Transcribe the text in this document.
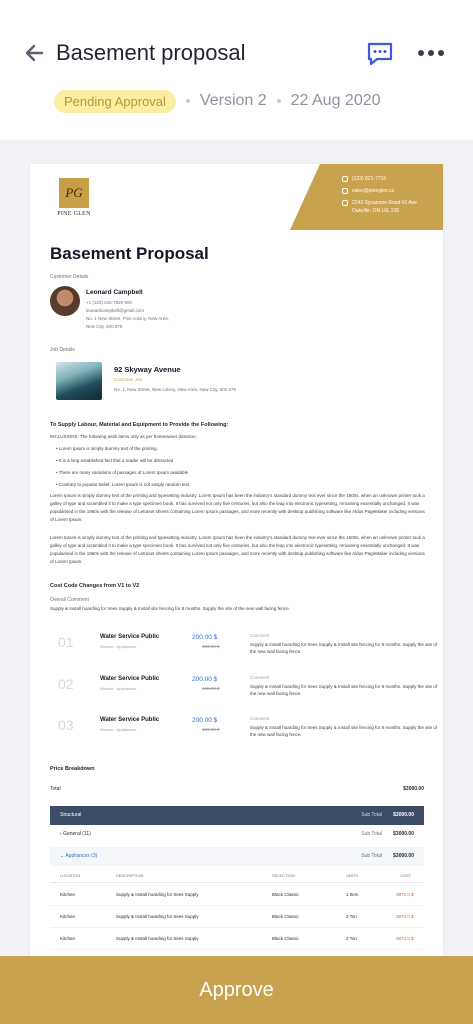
Basement proposal
Pending Approval	Version 2 22 Aug 2020
PG
PINE GLEN
(123) 821-7715
sales@pineglen.co
2243 Sycamore Road #1 Ave
Oakville, ON L6L 2J6
Basement Proposal
Customer Details
Leonard Campbell
+1 (123) 045-7820 906
leonardcampbell@gmail.com
No. 1 New Street, Pine colony, New Area,
New City, 600 879
Job Details
92 Skyway Avenue
Customer Job
No. 1, New Street, New colony, New Area, New City, 600 879
To Supply Labour, Material and Equipment to Provide the Following:
INCLUSIONS: The following work items only as per homeowner direction;
• Lorem Ipsum is simply dummy text of the printing.
• It is a long established fact that a reader will be distracted
• There are many variations of passages of Lorem Ipsum available
• Contrary to popular belief, Lorem Ipsum is not simply random text.
Lorem Ipsum is simply dummy text of the printing and typesetting industry. Lorem Ipsum has been the industry's standard dummy text ever since the 1500s, when an unknown printer took a galley of type and scrambled it to make a type specimen book. It has survived not only five centuries, but also the leap into electronic typesetting, remaining essentially unchanged. It was popularised in the 1960s with the release of Letraset sheets containing Lorem Ipsum passages, and more recently with desktop publishing software like Aldus PageMaker including versions of Lorem Ipsum.
Lorem Ipsum is simply dummy text of the printing and typesetting industry. Lorem Ipsum has been the industry's standard dummy text ever since the 1500s, when an unknown printer took a galley of type and scrambled it to make a type specimen book. It has survived not only five centuries, but also the leap into electronic typesetting, remaining essentially unchanged. It was popularised in the 1960s with the release of Letraset sheets containing Lorem Ipsum passages, and more recently with desktop publishing software like Aldus PageMaker including versions of Lorem Ipsum.
Cost Code Changes from V1 to V2
Overall Comment
Supply & Install hoarding for trees Supply & Install site fencing for 8 months. Supply the site of the new wall facing fence.
01	Water Service Public
Kitchen · Appliances
200.00 $
150.00 $
Comment
Supply & Install hoarding for trees Supply & Install site fencing for 8 months. Supply the site of the new wall facing fence.
02	Water Service Public
Kitchen · Appliances
200.00 $
150.00 $
Comment
Supply & Install hoarding for trees Supply & Install site fencing for 8 months. Supply the site of the new wall facing fence.
03	Water Service Public
Kitchen · Appliances
200.00 $
150.00 $
Comment
Supply & Install hoarding for trees Supply & Install site fencing for 8 months. Supply the site of the new wall facing fence.
Price Breakdown
Total	$3000.00
Structural	Sub Total $3000.00
› General (11)	Sub Total $3000.00
⌄ Appliances (3)	Sub Total $3000.00
LOCATION	DESCRIPTION	SELECTION	UNITS	COST
Kitchen	Supply & Install hoarding for trees Supply	Black Classic	1 Item	3872.0 $
Kitchen	Supply & Install hoarding for trees Supply	Black Classic	2 Ton	3872.0 $
Kitchen	Supply & Install hoarding for trees Supply	Black Classic	2 Ton	3872.0 $
Approve
